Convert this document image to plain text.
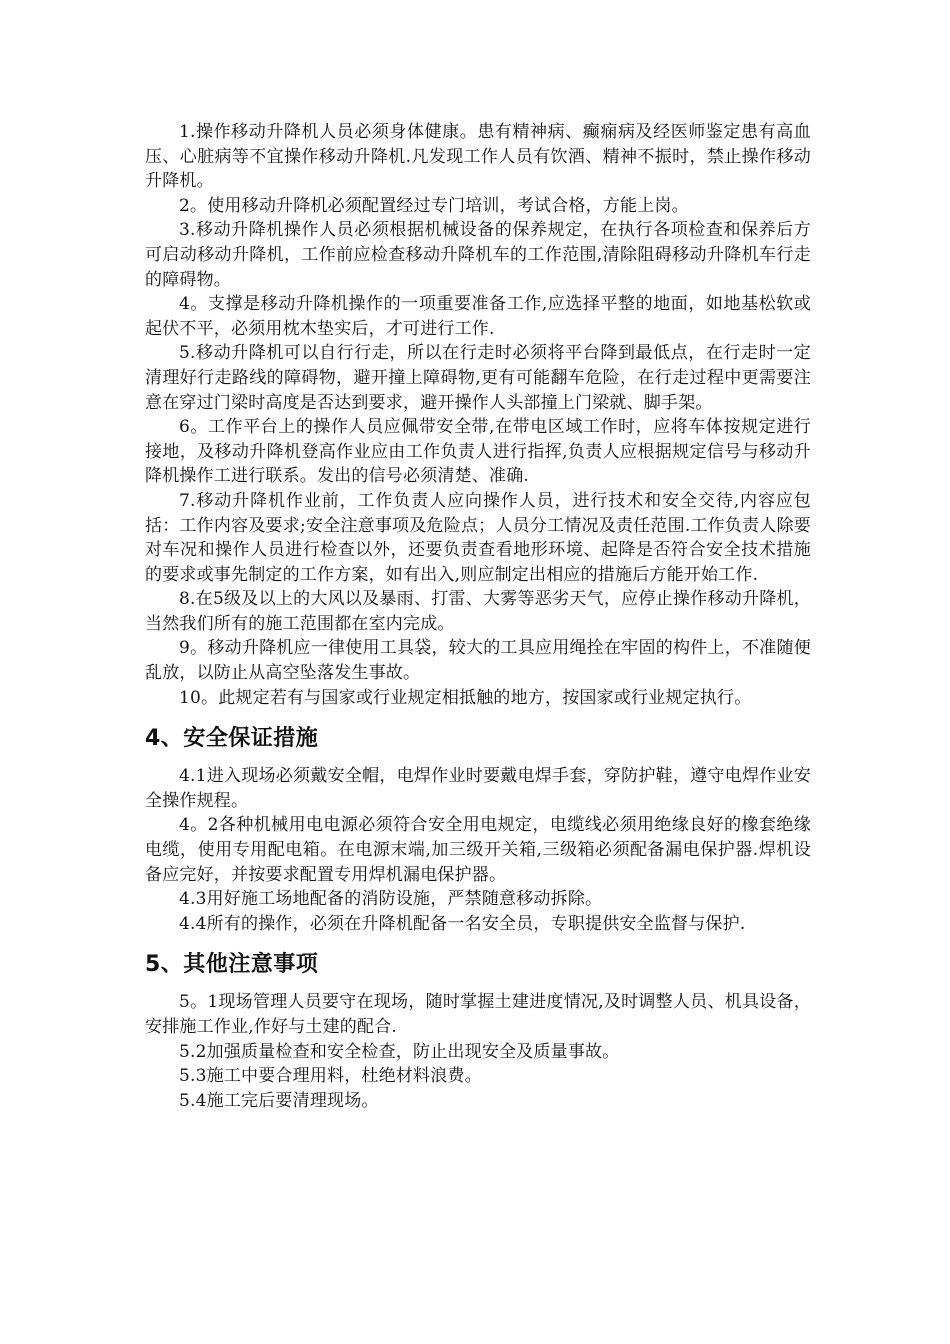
1.操作移动升降机人员必须身体健康。患有精神病、癫痫病及经医师鉴定患有高血压、心脏病等不宜操作移动升降机.凡发现工作人员有饮酒、精神不振时，禁止操作移动升降机。

2。使用移动升降机必须配置经过专门培训，考试合格，方能上岗。

3.移动升降机操作人员必须根据机械设备的保养规定，在执行各项检查和保养后方可启动移动升降机，工作前应检查移动升降机车的工作范围,清除阻碍移动升降机车行走的障碍物。

4。支撑是移动升降机操作的一项重要准备工作,应选择平整的地面，如地基松软或起伏不平，必须用枕木垫实后，才可进行工作.

5.移动升降机可以自行行走，所以在行走时必须将平台降到最低点，在行走时一定清理好行走路线的障碍物，避开撞上障碍物,更有可能翻车危险，在行走过程中更需要注意在穿过门梁时高度是否达到要求，避开操作人头部撞上门梁就、脚手架。

6。工作平台上的操作人员应佩带安全带,在带电区域工作时，应将车体按规定进行接地，及移动升降机登高作业应由工作负责人进行指挥,负责人应根据规定信号与移动升降机操作工进行联系。发出的信号必须清楚、准确.

7.移动升降机作业前，工作负责人应向操作人员，进行技术和安全交待,内容应包括：工作内容及要求;安全注意事项及危险点；人员分工情况及责任范围.工作负责人除要对车况和操作人员进行检查以外，还要负责查看地形环境、起降是否符合安全技术措施的要求或事先制定的工作方案，如有出入,则应制定出相应的措施后方能开始工作.

8.在5级及以上的大风以及暴雨、打雷、大雾等恶劣天气，应停止操作移动升降机，当然我们所有的施工范围都在室内完成。

9。移动升降机应一律使用工具袋，较大的工具应用绳拴在牢固的构件上，不准随便乱放，以防止从高空坠落发生事故。

10。此规定若有与国家或行业规定相抵触的地方，按国家或行业规定执行。

4、安全保证措施

4.1进入现场必须戴安全帽，电焊作业时要戴电焊手套，穿防护鞋，遵守电焊作业安全操作规程。

4。2各种机械用电电源必须符合安全用电规定，电缆线必须用绝缘良好的橡套绝缘电缆，使用专用配电箱。在电源末端,加三级开关箱,三级箱必须配备漏电保护器.焊机设备应完好，并按要求配置专用焊机漏电保护器。

4.3用好施工场地配备的消防设施，严禁随意移动拆除。

4.4所有的操作，必须在升降机配备一名安全员，专职提供安全监督与保护.

5、其他注意事项

5。1现场管理人员要守在现场，随时掌握土建进度情况,及时调整人员、机具设备，安排施工作业,作好与土建的配合.

5.2加强质量检查和安全检查，防止出现安全及质量事故。

5.3施工中要合理用料，杜绝材料浪费。

5.4施工完后要清理现场。
